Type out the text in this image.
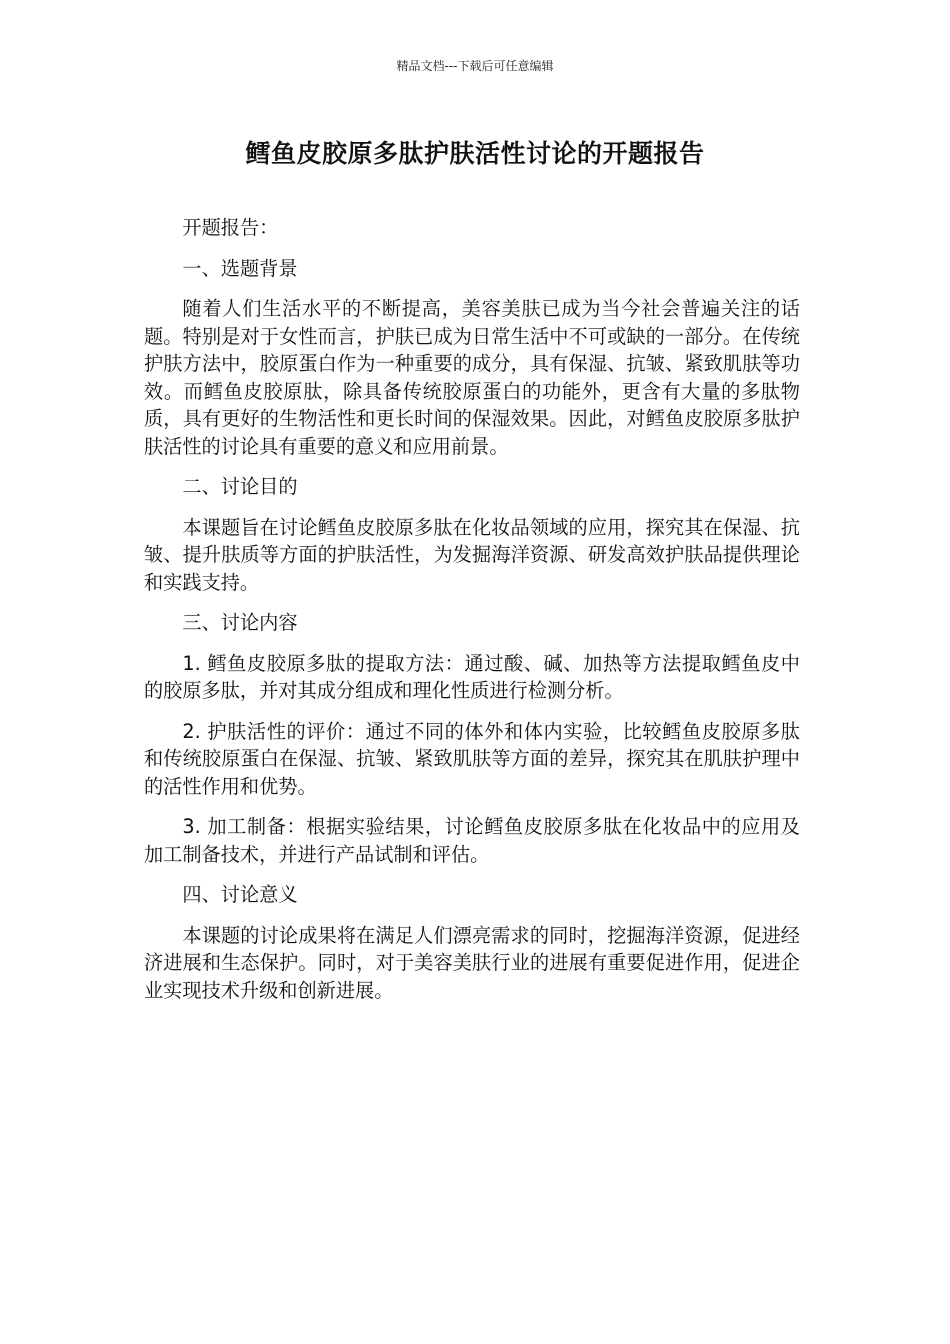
精品文档---下载后可任意编辑
鳕鱼皮胶原多肽护肤活性讨论的开题报告

开题报告：

一、选题背景

随着人们生活水平的不断提高，美容美肤已成为当今社会普遍关注的话题。特别是对于女性而言，护肤已成为日常生活中不可或缺的一部分。在传统护肤方法中，胶原蛋白作为一种重要的成分，具有保湿、抗皱、紧致肌肤等功效。而鳕鱼皮胶原肽，除具备传统胶原蛋白的功能外，更含有大量的多肽物质，具有更好的生物活性和更长时间的保湿效果。因此，对鳕鱼皮胶原多肽护肤活性的讨论具有重要的意义和应用前景。

二、讨论目的

本课题旨在讨论鳕鱼皮胶原多肽在化妆品领域的应用，探究其在保湿、抗皱、提升肤质等方面的护肤活性，为发掘海洋资源、研发高效护肤品提供理论和实践支持。

三、讨论内容

1. 鳕鱼皮胶原多肽的提取方法：通过酸、碱、加热等方法提取鳕鱼皮中的胶原多肽，并对其成分组成和理化性质进行检测分析。

2. 护肤活性的评价：通过不同的体外和体内实验，比较鳕鱼皮胶原多肽和传统胶原蛋白在保湿、抗皱、紧致肌肤等方面的差异，探究其在肌肤护理中的活性作用和优势。

3. 加工制备：根据实验结果，讨论鳕鱼皮胶原多肽在化妆品中的应用及加工制备技术，并进行产品试制和评估。

四、讨论意义

本课题的讨论成果将在满足人们漂亮需求的同时，挖掘海洋资源，促进经济进展和生态保护。同时，对于美容美肤行业的进展有重要促进作用，促进企业实现技术升级和创新进展。
